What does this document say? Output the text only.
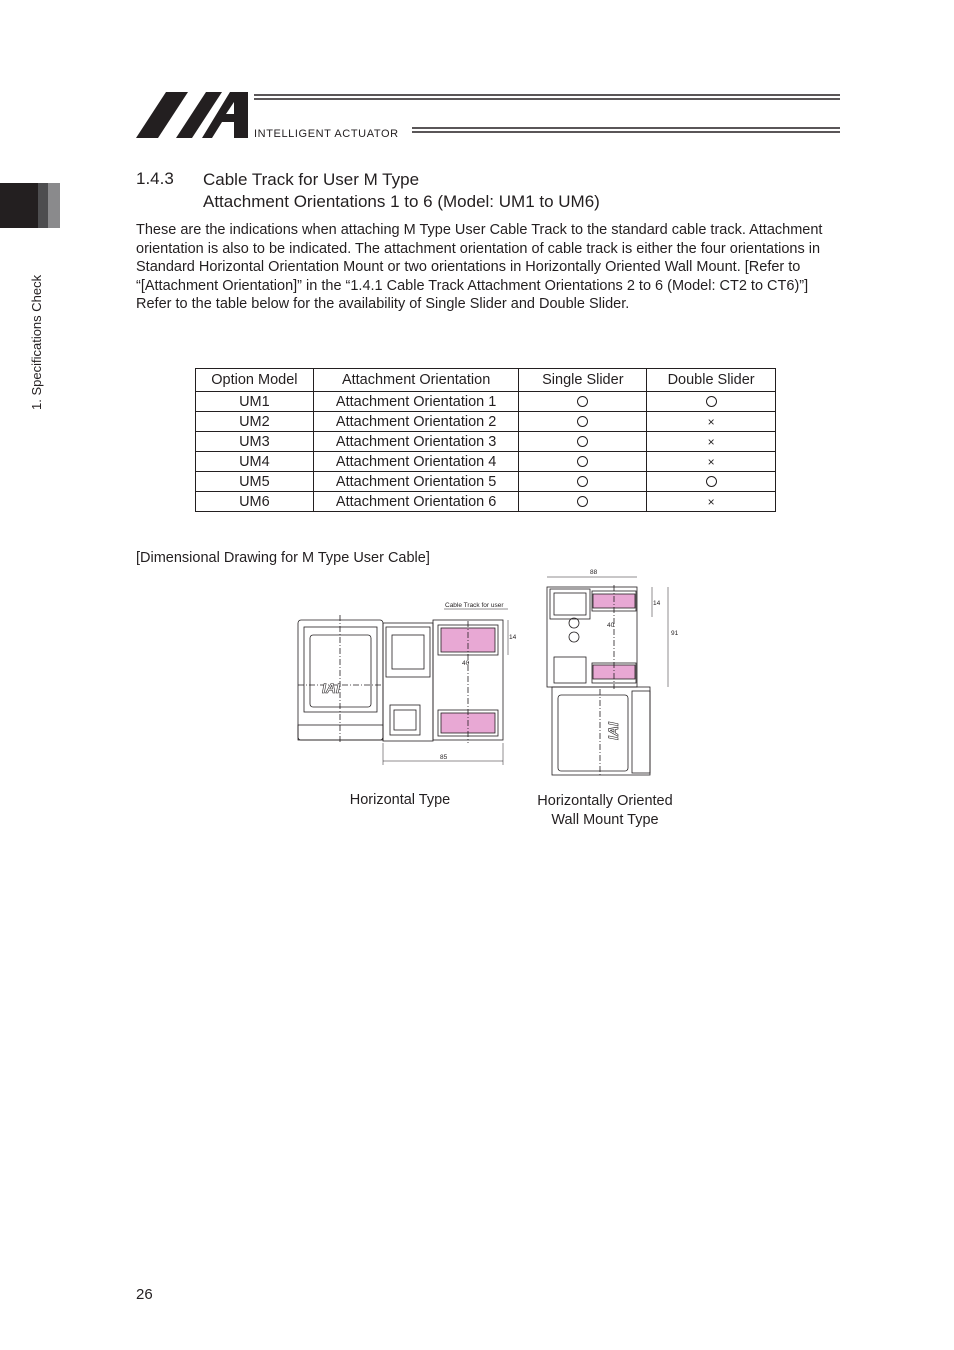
INTELLIGENT ACTUATOR
1. Specifications Check
1.4.3 Cable Track for User M Type
Attachment Orientations 1 to 6 (Model: UM1 to UM6)

These are the indications when attaching M Type User Cable Track to the standard cable track. Attachment orientation is also to be indicated. The attachment orientation of cable track is either the four orientations in Standard Horizontal Orientation Mount or two orientations in Horizontally Oriented Wall Mount. [Refer to “[Attachment Orientation]” in the “1.4.1 Cable Track Attachment Orientations 2 to 6 (Model: CT2 to CT6)”]

Refer to the table below for the availability of Single Slider and Double Slider.

Option Model	Attachment Orientation	Single Slider	Double Slider
UM1	Attachment Orientation 1		
UM2	Attachment Orientation 2		×
UM3	Attachment Orientation 3		×
UM4	Attachment Orientation 4		×
UM5	Attachment Orientation 5		
UM6	Attachment Orientation 6		×
[Dimensional Drawing for M Type User Cable]
IAI
Cable Track for user
40
14
85
IAI
88
40
14
91
Horizontal Type	Horizontally Oriented
Wall Mount Type
26
